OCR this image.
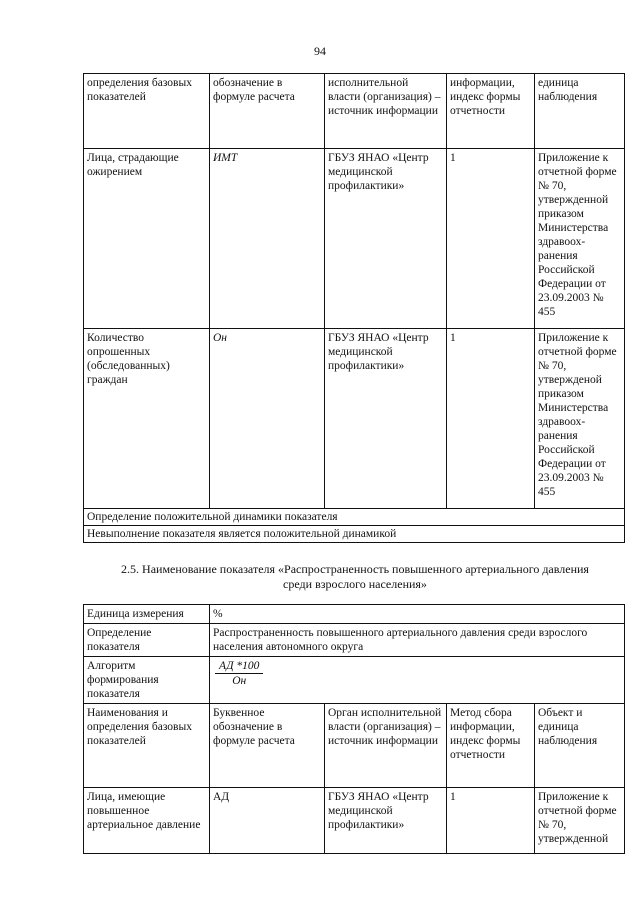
94
определения базовых показателей	обозначение в формуле расчета	исполнительной власти (организация) – источник информации	информации, индекс формы отчетности	единица наблюдения
Лица, страдающие ожирением	ИМТ	ГБУЗ ЯНАО «Центр медицинской профилактики»	1	Приложение к отчетной форме № 70, утвержденной приказом Министерства здравоох-ранения Российской Федерации от 23.09.2003 № 455
Количество опрошенных (обследованных) граждан	Он	ГБУЗ ЯНАО «Центр медицинской профилактики»	1	Приложение к отчетной форме № 70, утвержденой приказом Министерства здравоох-ранения Российской Федерации от 23.09.2003 № 455
Определение положительной динамики показателя				
Невыполнение показателя является положительной динамикой				
2.5. Наименование показателя «Распространенность повышенного артериального давления среди взрослого населения»
Единица измерения	%			
Определение показателя	Распространенность повышенного артериального давления среди взрослого населения автономного округа			
Алгоритм формирования показателя	$\frac{АД *100}{Он}$

Наименования и определения базовых показателей	Буквенное обозначение в формуле расчета	Орган исполнительной власти (организация) – источник информации	Метод сбора информации, индекс формы отчетности	Объект и единица наблюдения
Лица, имеющие повышенное артериальное давление	АД	ГБУЗ ЯНАО «Центр медицинской профилактики»	1	Приложение к отчетной форме № 70, утвержденной
